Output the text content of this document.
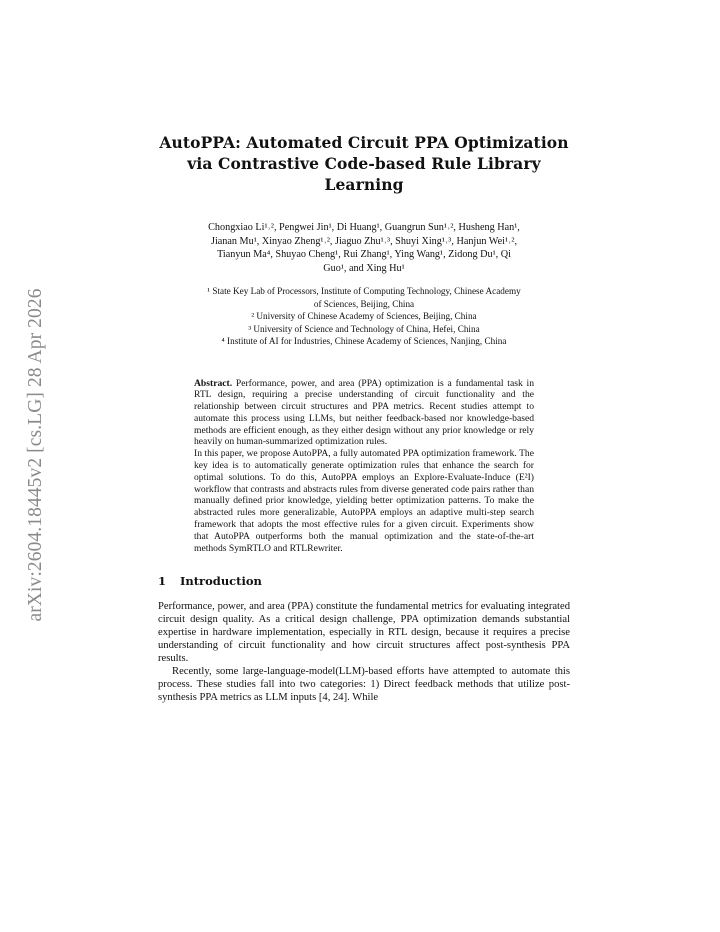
arXiv:2604.18445v2 [cs.LG] 28 Apr 2026
AutoPPA: Automated Circuit PPA Optimization
via Contrastive Code-based Rule Library
Learning
Chongxiao Li¹˒², Pengwei Jin¹, Di Huang¹, Guangrun Sun¹˒², Husheng Han¹,
Jianan Mu¹, Xinyao Zheng¹˒², Jiaguo Zhu¹˒³, Shuyi Xing¹˒³, Hanjun Wei¹˒²,
Tianyun Ma⁴, Shuyao Cheng¹, Rui Zhang¹, Ying Wang¹, Zidong Du¹, Qi
Guo¹, and Xing Hu¹
¹ State Key Lab of Processors, Institute of Computing Technology, Chinese Academy
of Sciences, Beijing, China
² University of Chinese Academy of Sciences, Beijing, China
³ University of Science and Technology of China, Hefei, China
⁴ Institute of AI for Industries, Chinese Academy of Sciences, Nanjing, China

Abstract. Performance, power, and area (PPA) optimization is a fundamental task in RTL design, requiring a precise understanding of circuit functionality and the relationship between circuit structures and PPA metrics. Recent studies attempt to automate this process using LLMs, but neither feedback-based nor knowledge-based methods are efficient enough, as they either design without any prior knowledge or rely heavily on human-summarized optimization rules.

In this paper, we propose AutoPPA, a fully automated PPA optimization framework. The key idea is to automatically generate optimization rules that enhance the search for optimal solutions. To do this, AutoPPA employs an Explore-Evaluate-Induce (E²I) workflow that contrasts and abstracts rules from diverse generated code pairs rather than manually defined prior knowledge, yielding better optimization patterns. To make the abstracted rules more generalizable, AutoPPA employs an adaptive multi-step search framework that adopts the most effective rules for a given circuit. Experiments show that AutoPPA outperforms both the manual optimization and the state-of-the-art methods SymRTLO and RTLRewriter.

1 Introduction

Performance, power, and area (PPA) constitute the fundamental metrics for evaluating integrated circuit design quality. As a critical design challenge, PPA optimization demands substantial expertise in hardware implementation, especially in RTL design, because it requires a precise understanding of circuit functionality and how circuit structures affect post-synthesis PPA results.

Recently, some large-language-model(LLM)-based efforts have attempted to automate this process. These studies fall into two categories: 1) Direct feedback methods that utilize post-synthesis PPA metrics as LLM inputs [4, 24]. While
